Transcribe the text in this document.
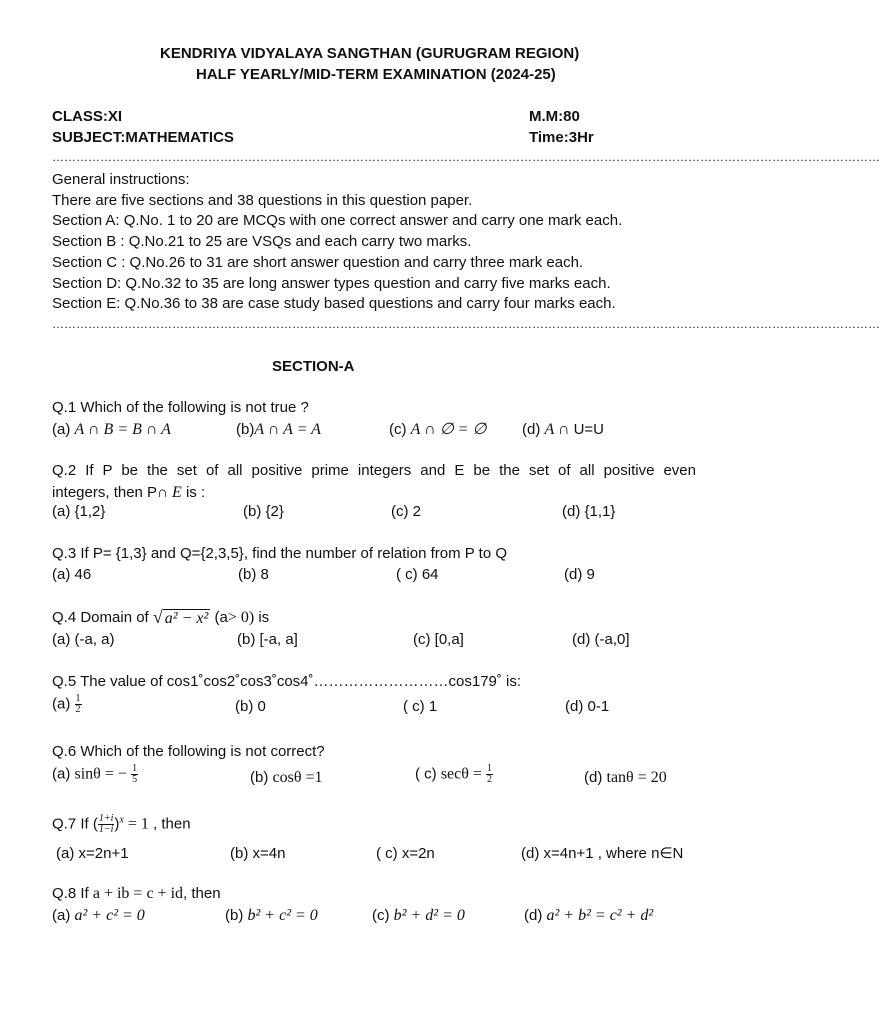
KENDRIYA VIDYALAYA SANGTHAN (GURUGRAM REGION)
HALF YEARLY/MID-TERM EXAMINATION (2024-25)
CLASS:XI	M.M:80
SUBJECT:MATHEMATICS	Time:3Hr
………………………………………………………………………………………………………………………………………………………………………………………
General instructions:
There are five sections and 38 questions in this question paper.
Section A: Q.No. 1 to 20 are MCQs with one correct answer and carry one mark each.
Section B : Q.No.21 to 25 are VSQs and each carry two marks.
Section C : Q.No.26 to 31 are short answer question and carry three mark each.
Section D: Q.No.32 to 35 are long answer types question and carry five marks each.
Section E: Q.No.36 to 38 are case study based questions and carry four marks each.
………………………………………………………………………………………………………………………………………………………………………………………
SECTION-A
Q.1 Which of the following is not true ?
(a) A ∩ B = B ∩ A	(b)A ∩ A = A	(c) A ∩ ∅ = ∅ (d) A ∩ U=U
Q.2 If P be the set of all positive prime integers and E be the set of all positive even
integers, then P∩ E is :
(a) {1,2}	(b) {2}	(c) 2	(d) {1,1}
Q.3 If P= {1,3} and Q={2,3,5}, find the number of relation from P to Q
(a) 46	(b) 8	( c) 64	(d) 9
Q.4 Domain of √ a² − x² (a> 0) is
(a) (-a, a)	(b) [-a, a]	(c) [0,a]	(d) (-a,0]
Q.5 The value of cos1˚cos2˚cos3˚cos4˚………………………cos179˚ is:
$(a) \frac{1}{2}$	(b) 0	( c) 1	(d) 0-1
Q.6 Which of the following is not correct?
(a) sinθ = − $\frac{1}{5}$	(b) cosθ =1	( c) $\sec\theta = \frac{1}{2}$	(d) tanθ = 20
Q.7 If ( $\frac{1+i}{1-i} )^x = 1$ , then
(a) x=2n+1	(b) x=4n	( c) x=2n	(d) x=4n+1 , where n∈N
Q.8 If a + ib = c + id, then
(a) a² + c² = 0	(b) b² + c² = 0	(c) b² + d² = 0	(d) a² + b² = c² + d²
